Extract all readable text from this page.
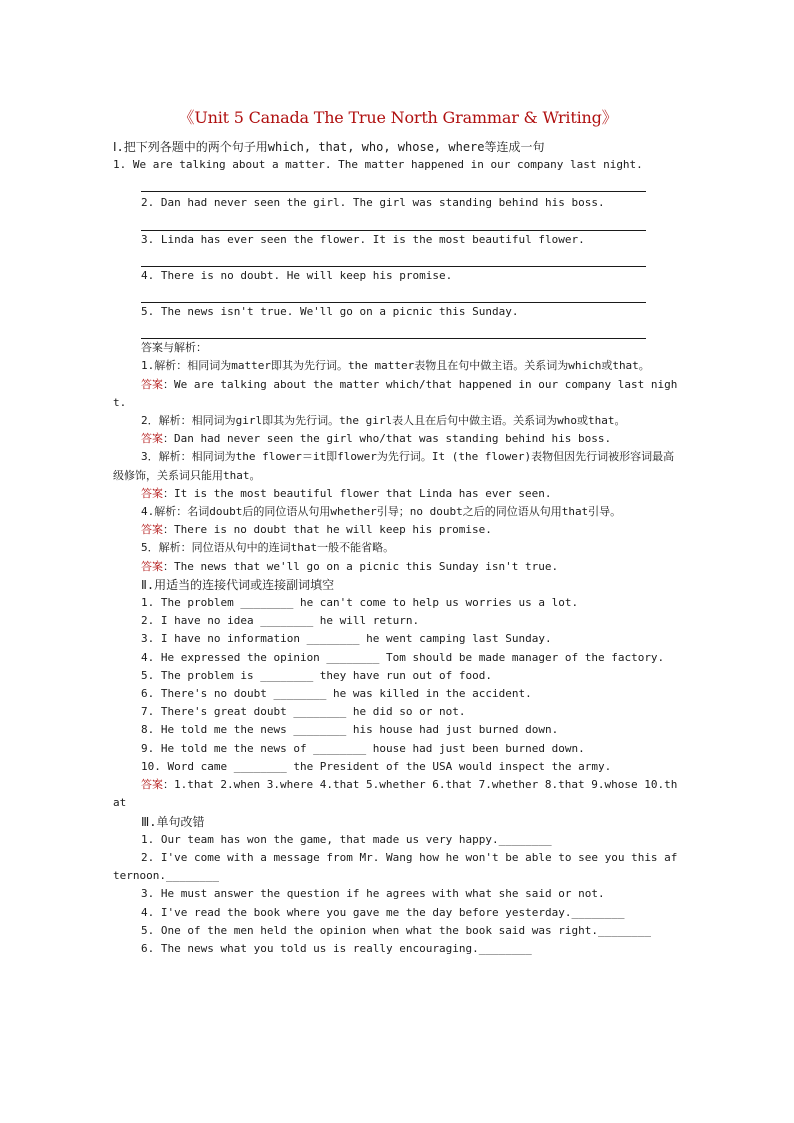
《Unit 5 Canada The True North Grammar & Writing》
Ⅰ.把下列各题中的两个句子用which, that, who, whose, where等连成一句
1. We are talking about a matter. The matter happened in our company last night.
2. Dan had never seen the girl. The girl was standing behind his boss.
3. Linda has ever seen the flower. It is the most beautiful flower.
4. There is no doubt. He will keep his promise.
5. The news isn't true. We'll go on a picnic this Sunday.
答案与解析：
1.解析：相同词为matter即其为先行词。the matter表物且在句中做主语。关系词为which或that。
答案：We are talking about the matter which/that happened in our company last night.
2．解析：相同词为girl即其为先行词。the girl表人且在后句中做主语。关系词为who或that。
答案：Dan had never seen the girl who/that was standing behind his boss.
3．解析：相同词为the flower＝it即flower为先行词。It (the flower)表物但因先行词被形容词最高级修饰，关系词只能用that。
答案：It is the most beautiful flower that Linda has ever seen.
4.解析：名词doubt后的同位语从句用whether引导；no doubt之后的同位语从句用that引导。
答案：There is no doubt that he will keep his promise.
5．解析：同位语从句中的连词that一般不能省略。
答案：The news that we'll go on a picnic this Sunday isn't true.
Ⅱ.用适当的连接代词或连接副词填空
1. The problem ________ he can't come to help us worries us a lot.
2. I have no idea ________ he will return.
3. I have no information ________ he went camping last Sunday.
4. He expressed the opinion ________ Tom should be made manager of the factory.
5. The problem is ________ they have run out of food.
6. There's no doubt ________ he was killed in the accident.
7. There's great doubt ________ he did so or not.
8. He told me the news ________ his house had just burned down.
9. He told me the news of ________ house had just been burned down.
10. Word came ________ the President of the USA would inspect the army.
答案：1.that 2.when 3.where 4.that 5.whether 6.that 7.whether 8.that 9.whose 10.that
Ⅲ.单句改错
1. Our team has won the game, that made us very happy.________
2. I've come with a message from Mr. Wang how he won't be able to see you this afternoon.________
3. He must answer the question if he agrees with what she said or not.
4. I've read the book where you gave me the day before yesterday.________
5. One of the men held the opinion when what the book said was right.________
6. The news what you told us is really encouraging.________
